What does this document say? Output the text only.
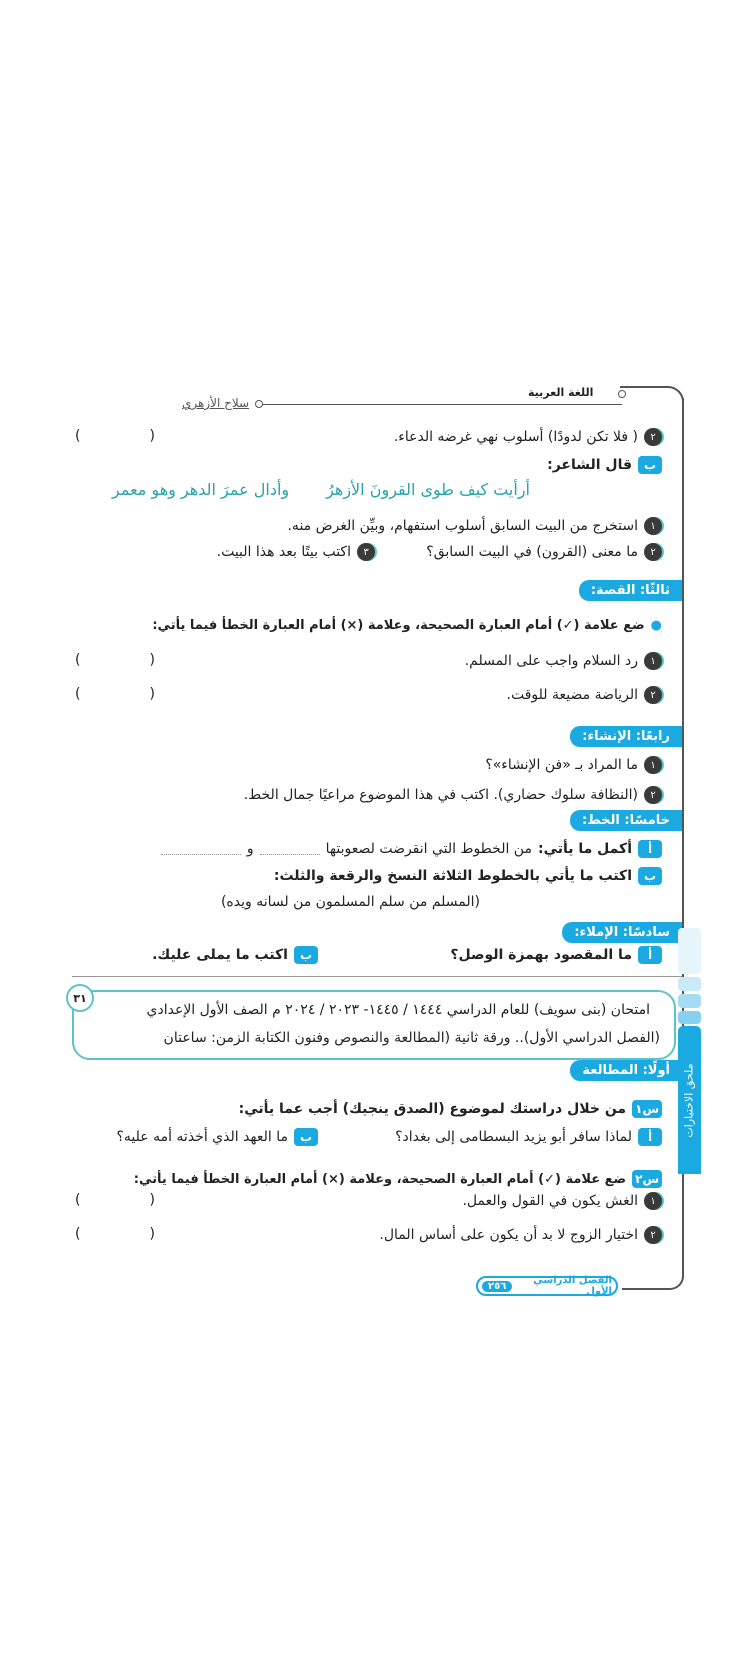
اللغة العربية
سلاح الأزهري
٢
( فلا تكن لدودًا) أسلوب نهي غرضه الدعاء.
(	)
ب
قال الشاعر:
أرأيت كيف طوى القرونَ الأزهرُ
وأدال عمرَ الدهر وهو معمر
١
استخرج من البيت السابق أسلوب استفهام، وبيِّن الغرض منه.
٢
ما معنى (القرون) في البيت السابق؟
٣
اكتب بيتًا بعد هذا البيت.
ثالثًا: القصة:
●
ضع علامة (✓) أمام العبارة الصحيحة، وعلامة (×) أمام العبارة الخطأ فيما يأتي:
١
رد السلام واجب على المسلم.
(	)
٢
الرياضة مضيعة للوقت.
(	)
رابعًا: الإنشاء:
١
ما المراد بـ «فن الإنشاء»؟
٢
(النظافة سلوك حضاري). اكتب في هذا الموضوع مراعيًا جمال الخط.
خامسًا: الخط:
أ
أكمل ما يأتي:
من الخطوط التي انقرضت لصعوبتها
و
ب
اكتب ما يأتي بالخطوط الثلاثة النسخ والرقعة والثلث:
(المسلم من سلم المسلمون من لسانه ويده)
سادسًا: الإملاء:
أ
ما المقصود بهمزة الوصل؟
ب
اكتب ما يملى عليك.
٣١
امتحان (بنى سويف) للعام الدراسي ١٤٤٤ / ١٤٤٥- ٢٠٢٣ / ٢٠٢٤ م الصف الأول الإعدادي
(الفصل الدراسي الأول).. ورقة ثانية (المطالعة والنصوص وفنون الكتابة الزمن: ساعتان
أولًا: المطالعة
س١
من خلال دراستك لموضوع (الصدق ينجيك) أجب عما يأتي:
أ
لماذا سافر أبو يزيد البسطامى إلى بغداد؟
ب
ما العهد الذي أخذته أمه عليه؟
س٢
ضع علامة (✓) أمام العبارة الصحيحة، وعلامة (×) أمام العبارة الخطأ فيما يأتي:
١
الغش يكون في القول والعمل.
(	)
٢
اختيار الزوج لا بد أن يكون على أساس المال.
(	)
ملحق الاختبارات
الفصل الدراسي الأول
٢٥٦
